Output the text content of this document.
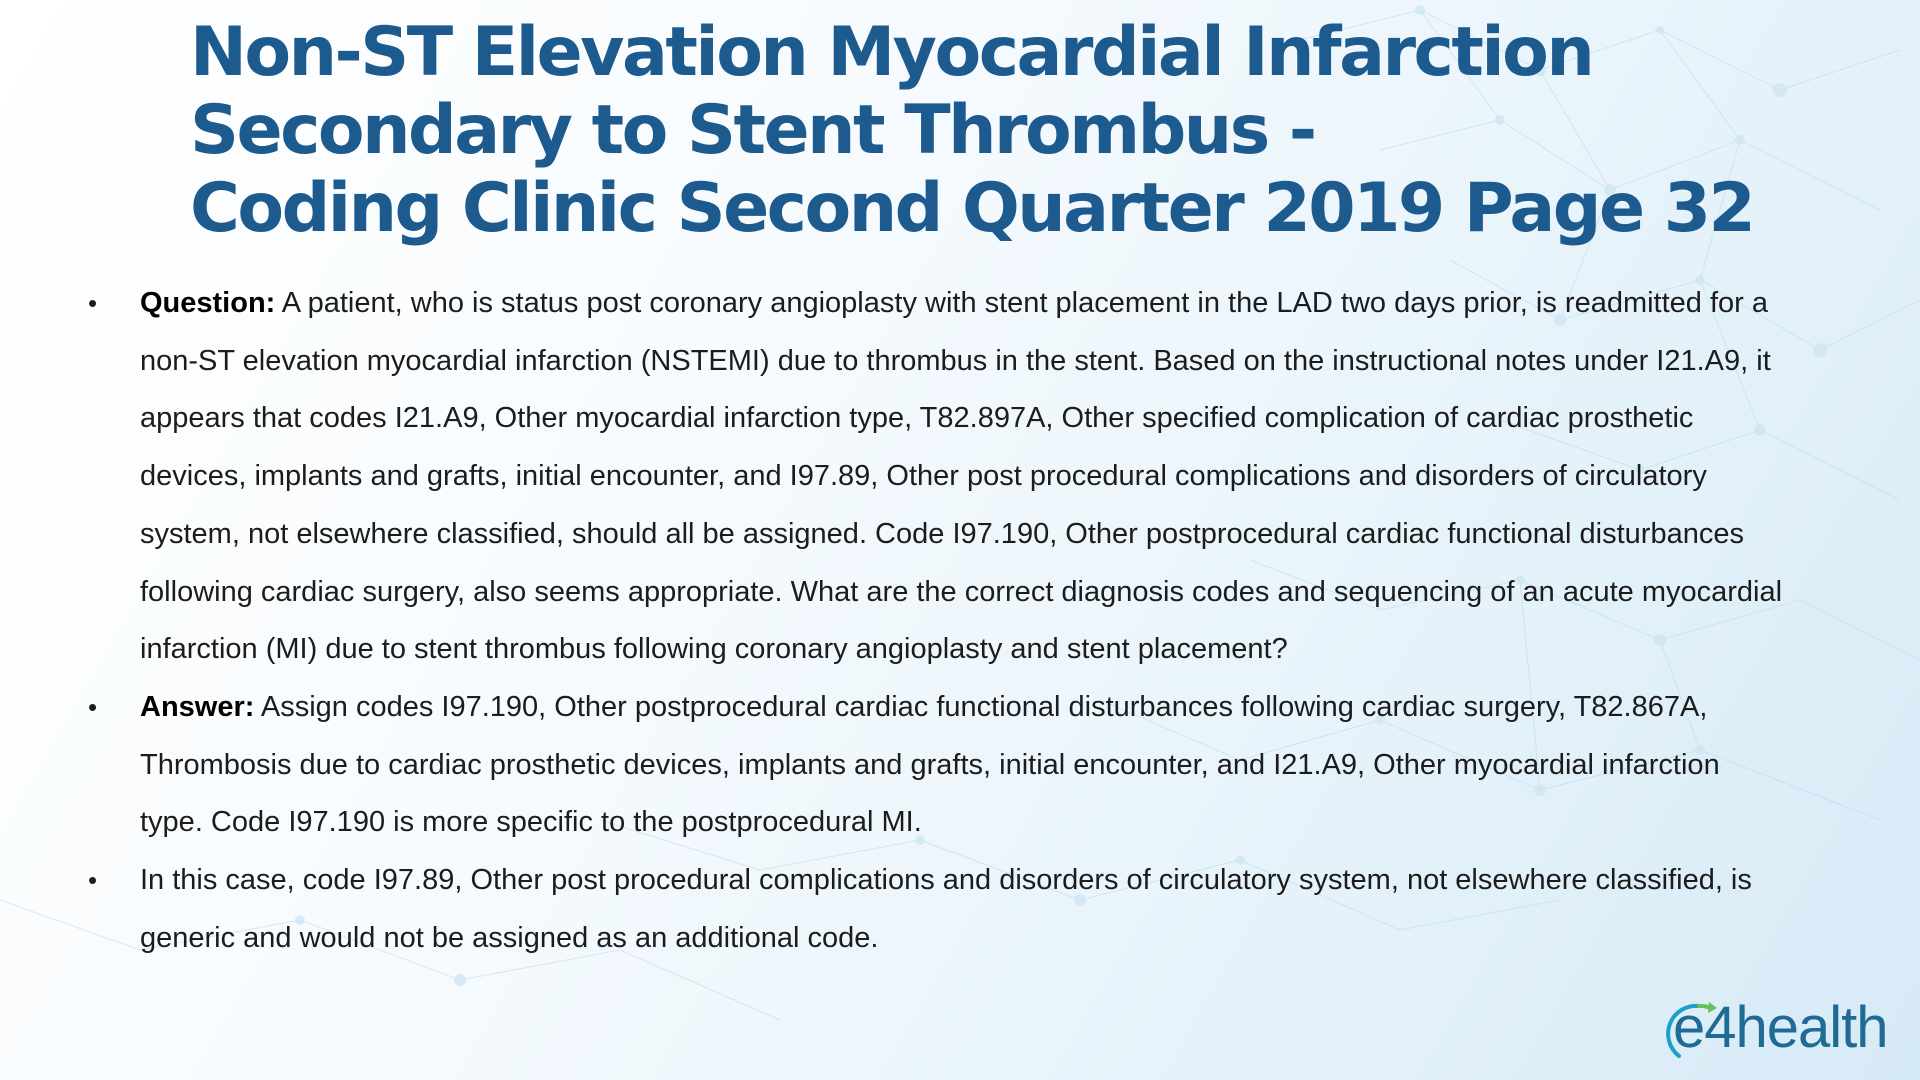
Non-ST Elevation Myocardial Infarction
Secondary to Stent Thrombus -
Coding Clinic Second Quarter 2019 Page 32
• Question: A patient, who is status post coronary angioplasty with stent placement in the LAD two days prior, is readmitted for a non-ST elevation myocardial infarction (NSTEMI) due to thrombus in the stent. Based on the instructional notes under I21.A9, it appears that codes I21.A9, Other myocardial infarction type, T82.897A, Other specified complication of cardiac prosthetic devices, implants and grafts, initial encounter, and I97.89, Other post procedural complications and disorders of circulatory system, not elsewhere classified, should all be assigned. Code I97.190, Other postprocedural cardiac functional disturbances following cardiac surgery, also seems appropriate. What are the correct diagnosis codes and sequencing of an acute myocardial infarction (MI) due to stent thrombus following coronary angioplasty and stent placement?
• Answer: Assign codes I97.190, Other postprocedural cardiac functional disturbances following cardiac surgery, T82.867A, Thrombosis due to cardiac prosthetic devices, implants and grafts, initial encounter, and I21.A9, Other myocardial infarction type. Code I97.190 is more specific to the postprocedural MI.
• In this case, code I97.89, Other post procedural complications and disorders of circulatory system, not elsewhere classified, is generic and would not be assigned as an additional code.
e4health
